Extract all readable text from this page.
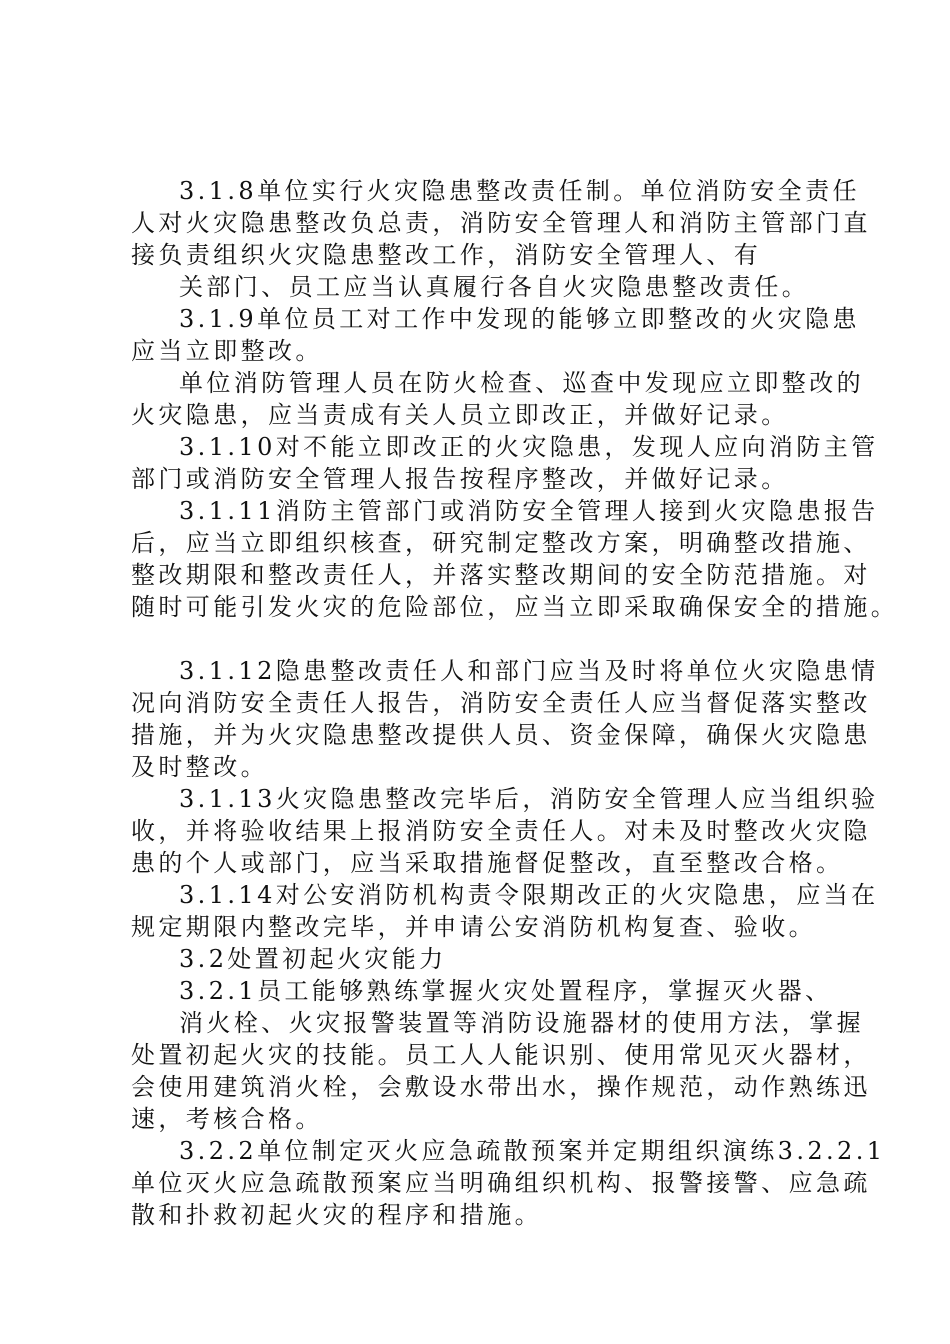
3.1.8单位实行火灾隐患整改责任制。单位消防安全责任

人对火灾隐患整改负总责，消防安全管理人和消防主管部门直

接负责组织火灾隐患整改工作，消防安全管理人、有

关部门、员工应当认真履行各自火灾隐患整改责任。

3.1.9单位员工对工作中发现的能够立即整改的火灾隐患

应当立即整改。

单位消防管理人员在防火检查、巡查中发现应立即整改的

火灾隐患，应当责成有关人员立即改正，并做好记录。

3.1.10对不能立即改正的火灾隐患，发现人应向消防主管

部门或消防安全管理人报告按程序整改，并做好记录。

3.1.11消防主管部门或消防安全管理人接到火灾隐患报告

后，应当立即组织核查，研究制定整改方案，明确整改措施、

整改期限和整改责任人，并落实整改期间的安全防范措施。对

随时可能引发火灾的危险部位，应当立即采取确保安全的措施。

3.1.12隐患整改责任人和部门应当及时将单位火灾隐患情

况向消防安全责任人报告，消防安全责任人应当督促落实整改

措施，并为火灾隐患整改提供人员、资金保障，确保火灾隐患

及时整改。

3.1.13火灾隐患整改完毕后，消防安全管理人应当组织验

收，并将验收结果上报消防安全责任人。对未及时整改火灾隐

患的个人或部门，应当采取措施督促整改，直至整改合格。

3.1.14对公安消防机构责令限期改正的火灾隐患，应当在

规定期限内整改完毕，并申请公安消防机构复查、验收。

3.2处置初起火灾能力

3.2.1员工能够熟练掌握火灾处置程序，掌握灭火器、

消火栓、火灾报警装置等消防设施器材的使用方法，掌握

处置初起火灾的技能。员工人人能识别、使用常见灭火器材，

会使用建筑消火栓，会敷设水带出水，操作规范，动作熟练迅

速，考核合格。

3.2.2单位制定灭火应急疏散预案并定期组织演练3.2.2.1

单位灭火应急疏散预案应当明确组织机构、报警接警、应急疏

散和扑救初起火灾的程序和措施。
